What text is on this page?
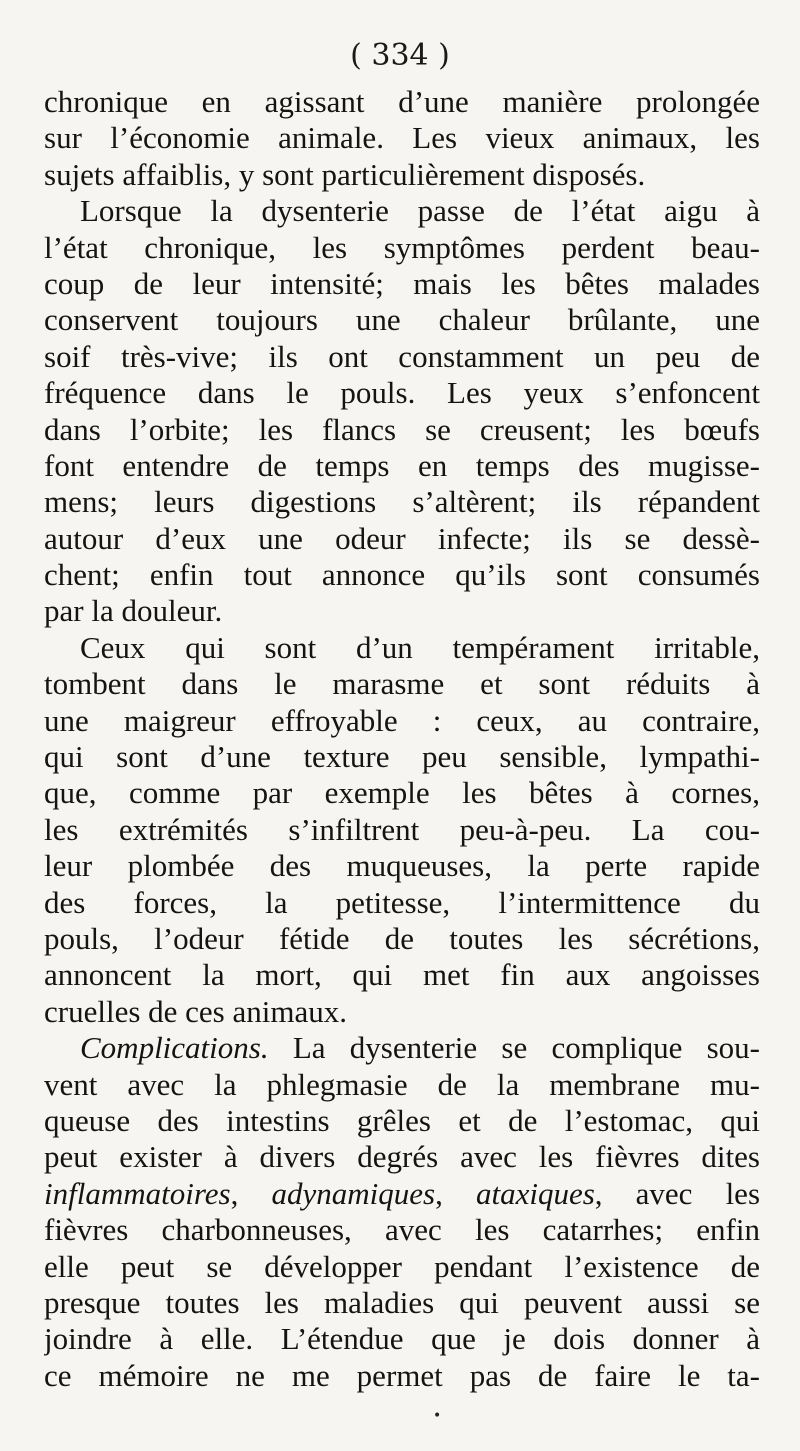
( 334 )
chronique en agissant d’une manière prolongée
sur l’économie animale. Les vieux animaux, les
sujets affaiblis, y sont particulièrement disposés.
Lorsque la dysenterie passe de l’état aigu à
l’état chronique, les symptômes perdent beau-
coup de leur intensité; mais les bêtes malades
conservent toujours une chaleur brûlante, une
soif très-vive; ils ont constamment un peu de
fréquence dans le pouls. Les yeux s’enfoncent
dans l’orbite; les flancs se creusent; les bœufs
font entendre de temps en temps des mugisse-
mens; leurs digestions s’altèrent; ils répandent
autour d’eux une odeur infecte; ils se dessè-
chent; enfin tout annonce qu’ils sont consumés
par la douleur.
Ceux qui sont d’un tempérament irritable,
tombent dans le marasme et sont réduits à
une maigreur effroyable : ceux, au contraire,
qui sont d’une texture peu sensible, lympathi-
que, comme par exemple les bêtes à cornes,
les extrémités s’infiltrent peu-à-peu. La cou-
leur plombée des muqueuses, la perte rapide
des forces, la petitesse, l’intermittence du
pouls, l’odeur fétide de toutes les sécrétions,
annoncent la mort, qui met fin aux angoisses
cruelles de ces animaux.
Complications. La dysenterie se complique sou-
vent avec la phlegmasie de la membrane mu-
queuse des intestins grêles et de l’estomac, qui
peut exister à divers degrés avec les fièvres dites
inflammatoires, adynamiques, ataxiques, avec les
fièvres charbonneuses, avec les catarrhes; enfin
elle peut se développer pendant l’existence de
presque toutes les maladies qui peuvent aussi se
joindre à elle. L’étendue que je dois donner à
ce mémoire ne me permet pas de faire le ta-
•
